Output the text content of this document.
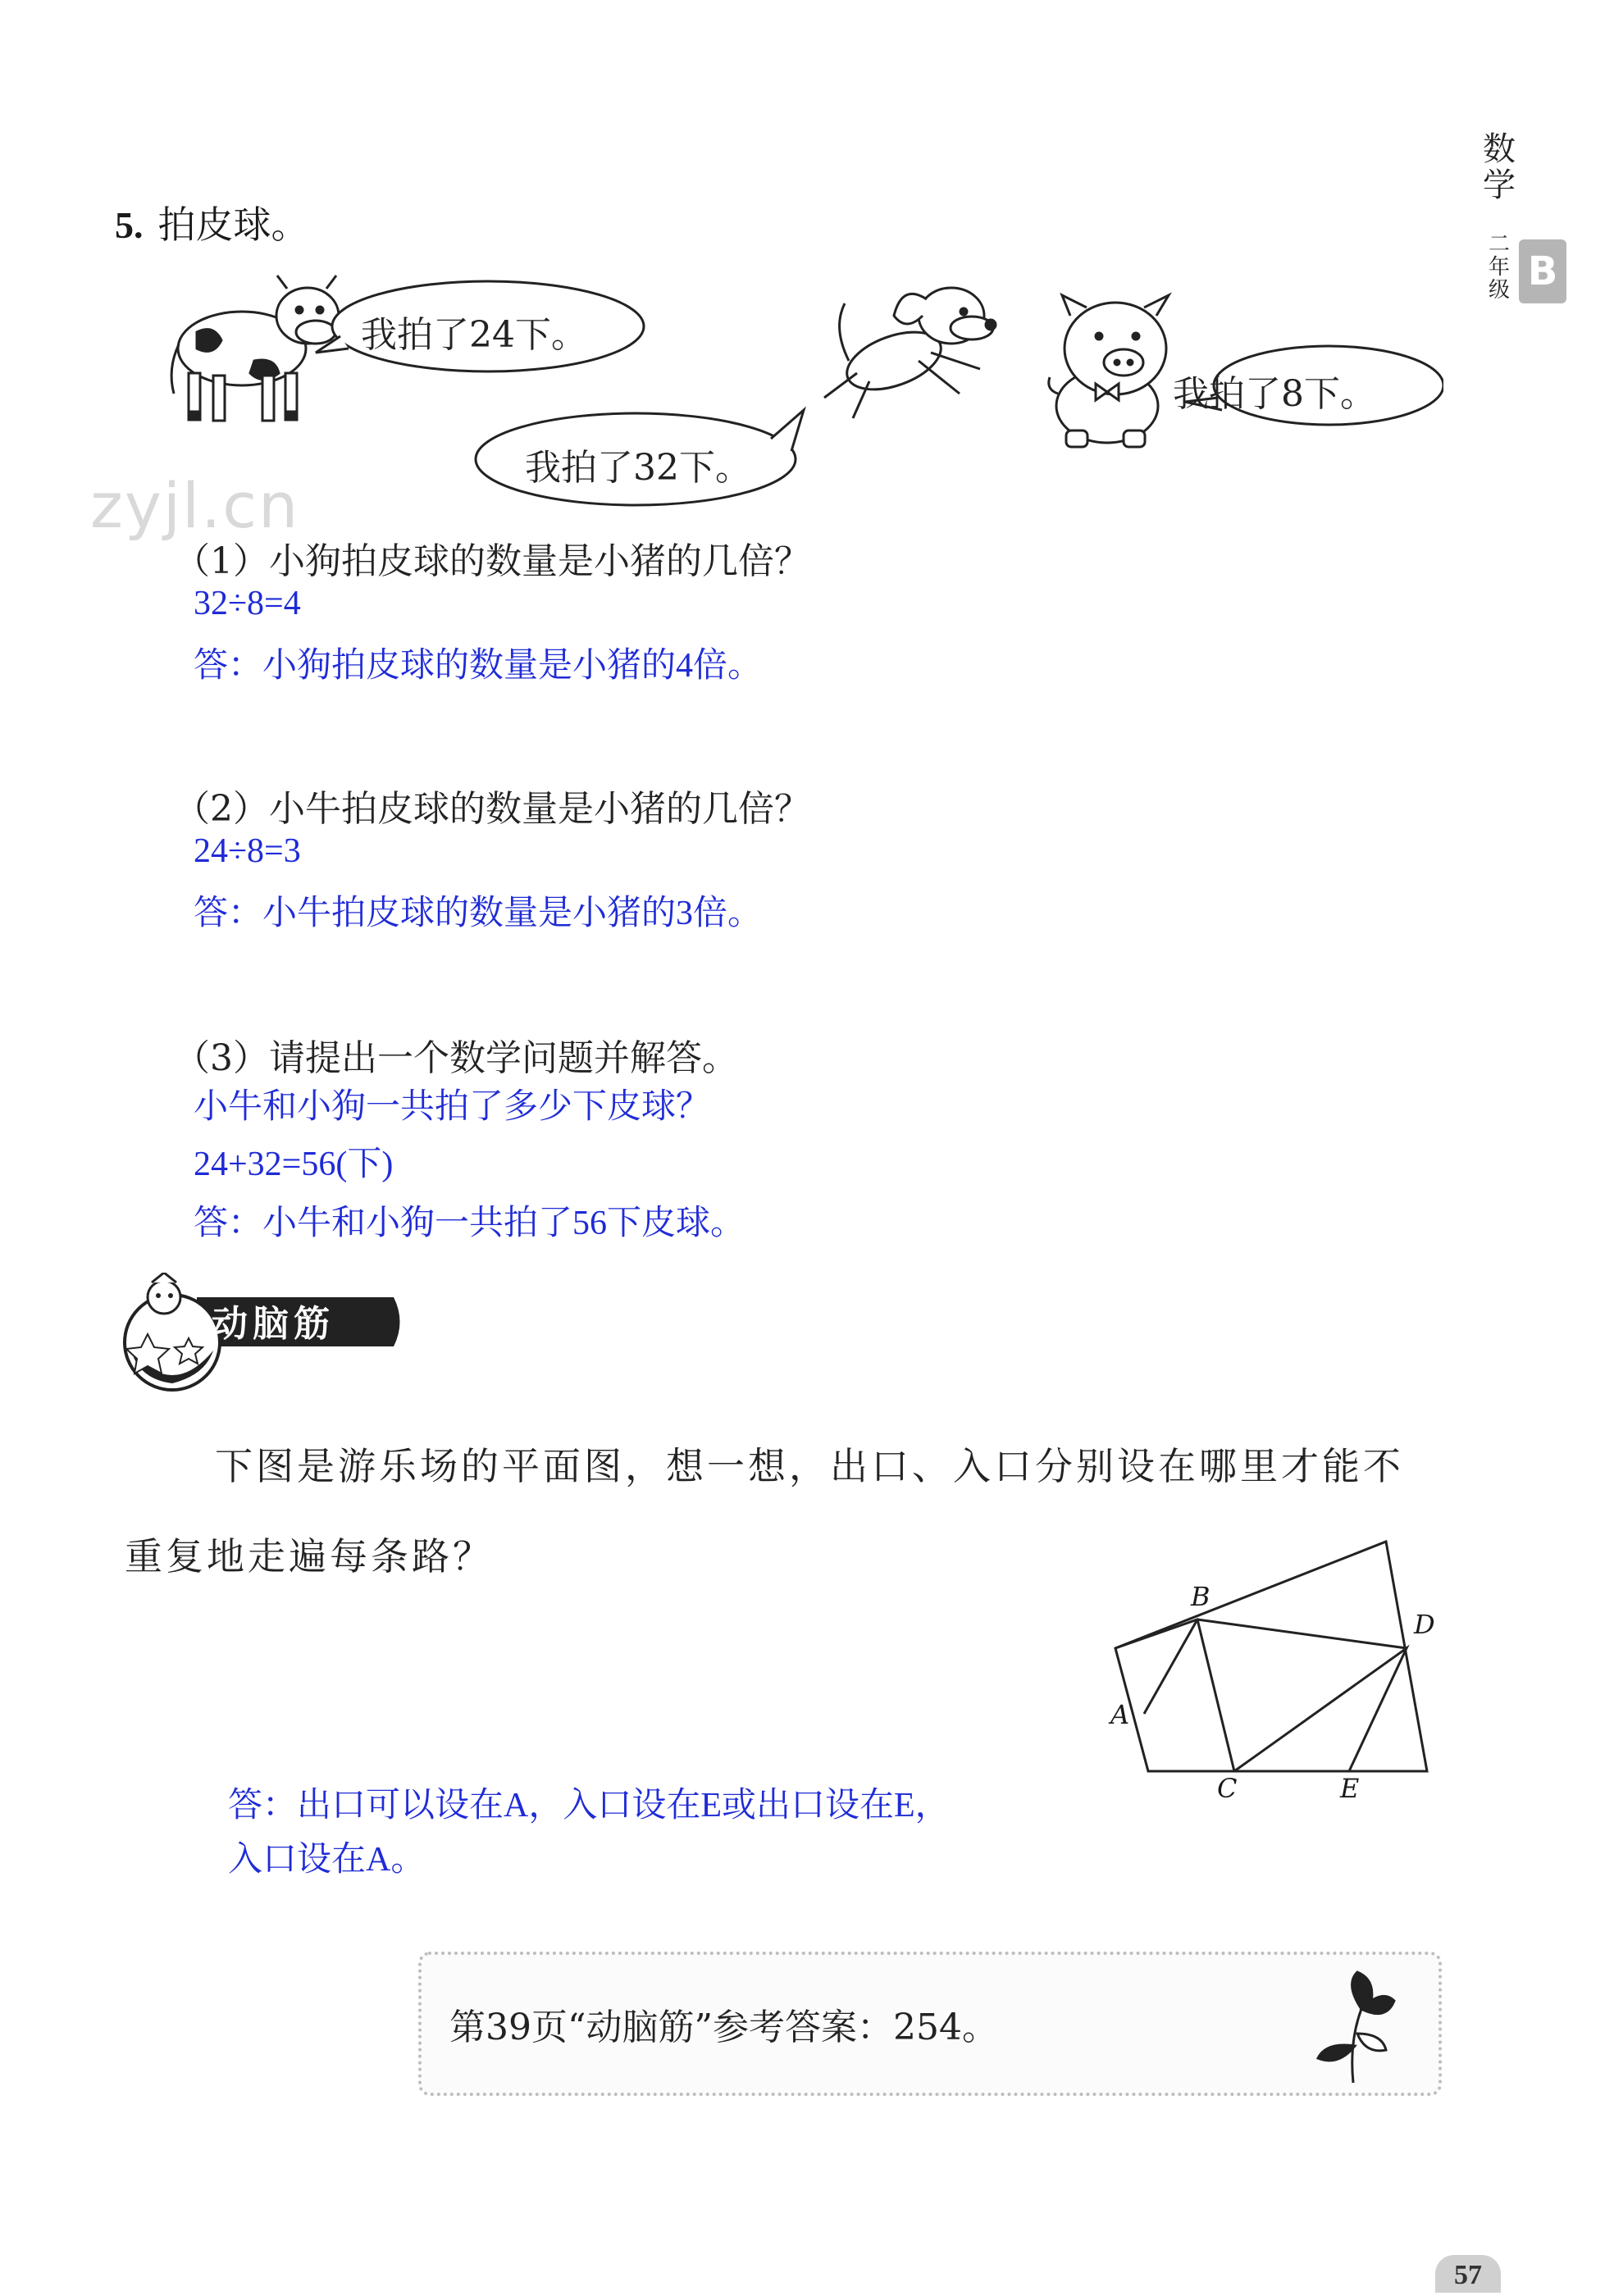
数学
二年级 B
5. 拍皮球。
我拍了24下。
我拍了32下。
我拍了8下。
zyjl.cn
（1）小狗拍皮球的数量是小猪的几倍？
32÷8=4
答：小狗拍皮球的数量是小猪的4倍。
（2）小牛拍皮球的数量是小猪的几倍？
24÷8=3
答：小牛拍皮球的数量是小猪的3倍。
（3）请提出一个数学问题并解答。
小牛和小狗一共拍了多少下皮球？
24+32=56(下)
答：小牛和小狗一共拍了56下皮球。
动脑筋
下图是游乐场的平面图，想一想，出口、入口分别设在哪里才能不
重复地走遍每条路？
B
D
A
C	E
答：出口可以设在A，入口设在E或出口设在E，
入口设在A。
第39页“动脑筋”参考答案：254。
57
